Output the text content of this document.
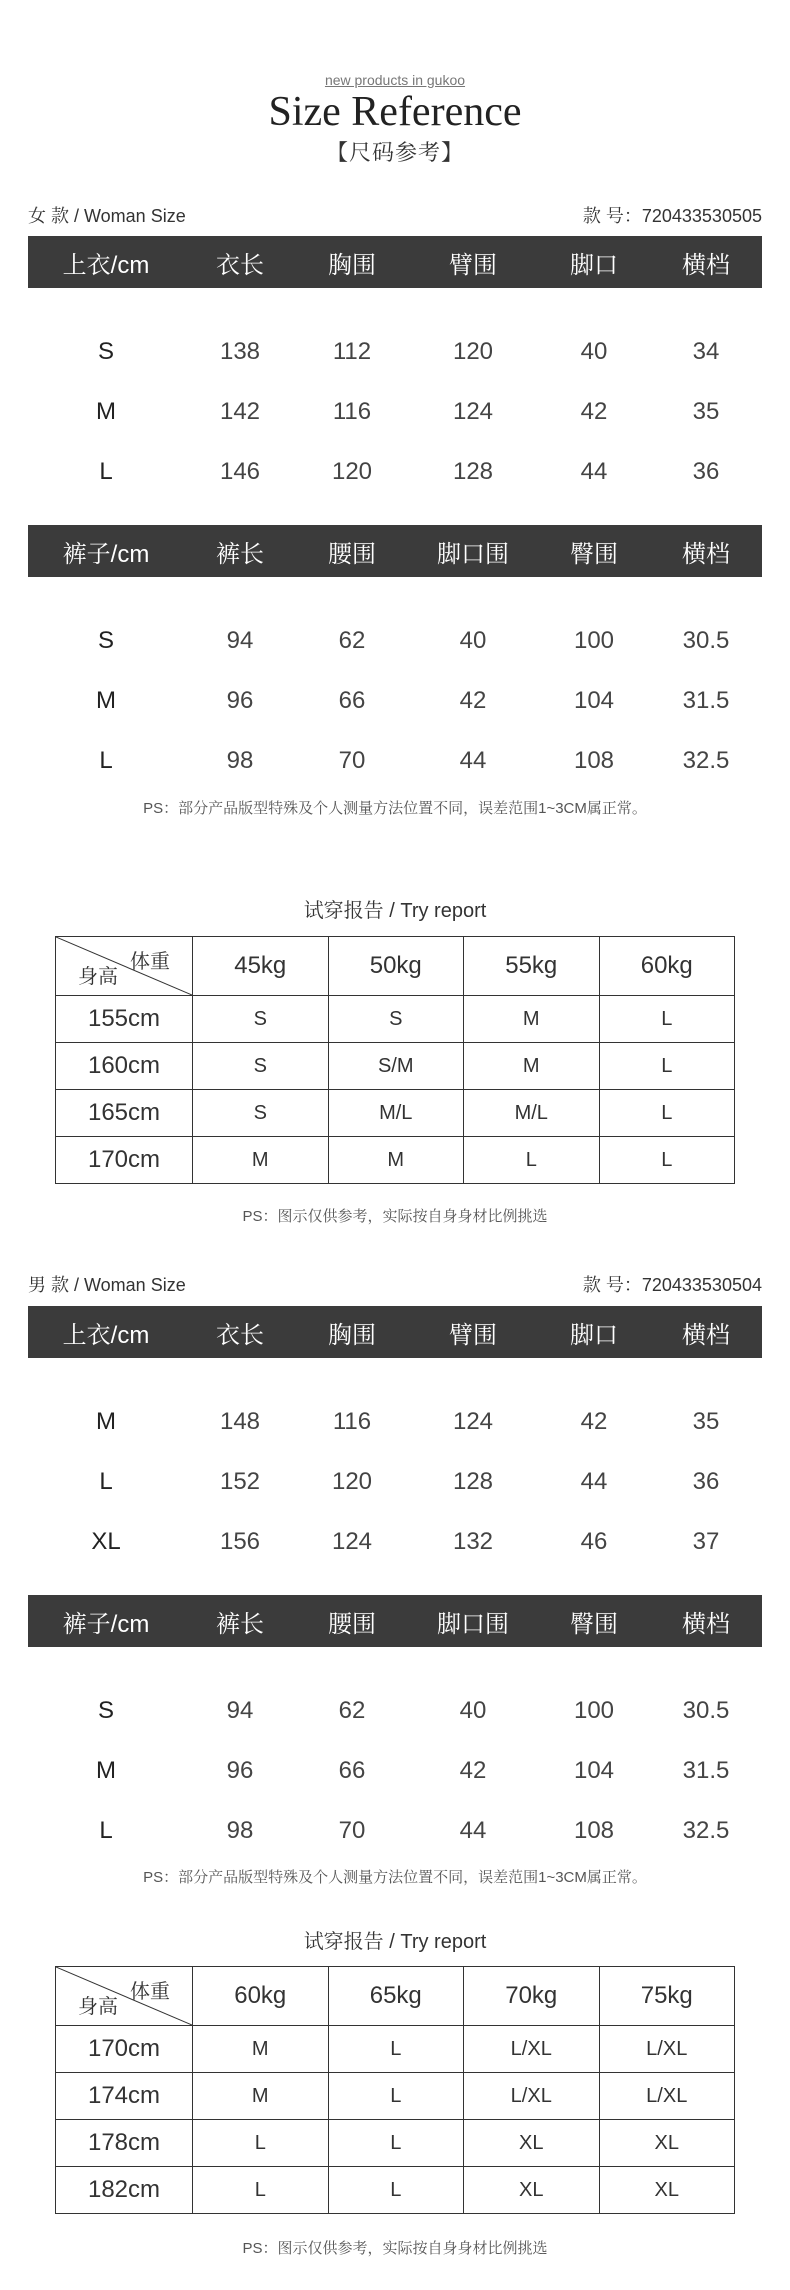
new products in gukoo
Size Reference
【尺码参考】
女 款 / Woman Size	款 号：720433530505
上衣/cm	衣长	胸围	臂围	脚口	横档
S	138	112	120	40	34
M	142	116	124	42	35
L	146	120	128	44	36
裤子/cm	裤长	腰围	脚口围	臀围	横档
S	94	62	40	100	30.5
M	96	66	42	104	31.5
L	98	70	44	108	32.5
PS：部分产品版型特殊及个人测量方法位置不同，误差范围1~3CM属正常。
试穿报告 / Try report
体重
身高	45kg	50kg	55kg	60kg
155cm	S	S	M	L
160cm	S	S/M	M	L
165cm	S	M/L	M/L	L
170cm	M	M	L	L
PS：图示仅供参考，实际按自身身材比例挑选
男 款 / Woman Size	款 号：720433530504
上衣/cm	衣长	胸围	臂围	脚口	横档
M	148	116	124	42	35
L	152	120	128	44	36
XL	156	124	132	46	37
裤子/cm	裤长	腰围	脚口围	臀围	横档
S	94	62	40	100	30.5
M	96	66	42	104	31.5
L	98	70	44	108	32.5
PS：部分产品版型特殊及个人测量方法位置不同，误差范围1~3CM属正常。
试穿报告 / Try report
体重
身高	60kg	65kg	70kg	75kg
170cm	M	L	L/XL	L/XL
174cm	M	L	L/XL	L/XL
178cm	L	L	XL	XL
182cm	L	L	XL	XL
PS：图示仅供参考，实际按自身身材比例挑选
